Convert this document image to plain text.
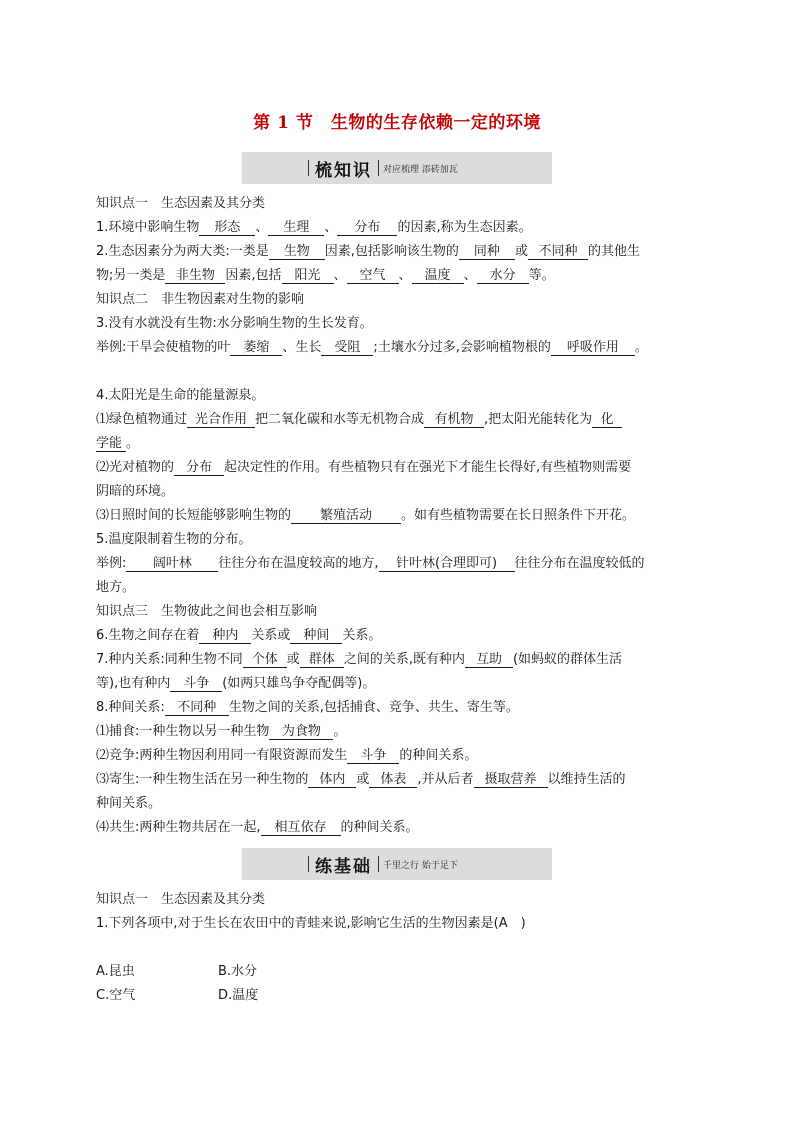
第 1 节　生物的生存依赖一定的环境
梳知识 对应梳理 添砖加瓦
知识点一　生态因素及其分类
1.环境中影响生物 形态 、 生理 、 分布 的因素,称为生态因素。
2.生态因素分为两大类:一类是 生物 因素,包括影响该生物的 同种 或 不同种 的其他生
物;另一类是 非生物 因素,包括 阳光 、 空气 、 温度 、 水分 等。
知识点二　非生物因素对生物的影响
3.没有水就没有生物:水分影响生物的生长发育。
举例:干旱会使植物的叶 萎缩 、生长 受阻 ;土壤水分过多,会影响植物根的 呼吸作用 。
4.太阳光是生命的能量源泉。
⑴绿色植物通过 光合作用 把二氧化碳和水等无机物合成 有机物 ,把太阳光能转化为 化
学能 。
⑵光对植物的 分布 起决定性的作用。有些植物只有在强光下才能生长得好,有些植物则需要
阴暗的环境。
⑶日照时间的长短能够影响生物的 繁殖活动 。如有些植物需要在长日照条件下开花。
5.温度限制着生物的分布。
举例: 阔叶林 往往分布在温度较高的地方, 针叶林(合理即可) 往往分布在温度较低的
地方。
知识点三　生物彼此之间也会相互影响
6.生物之间存在着 种内 关系或 种间 关系。
7.种内关系:同种生物不同 个体 或 群体 之间的关系,既有种内 互助 (如蚂蚁的群体生活
等),也有种内 斗争 (如两只雄鸟争夺配偶等)。
8.种间关系: 不同种 生物之间的关系,包括捕食、竞争、共生、寄生等。
⑴捕食:一种生物以另一种生物 为食物 。
⑵竞争:两种生物因利用同一有限资源而发生 斗争 的种间关系。
⑶寄生:一种生物生活在另一种生物的 体内 或 体表 ,并从后者 摄取营养 以维持生活的
种间关系。
⑷共生:两种生物共居在一起, 相互依存 的种间关系。
练基础 千里之行 始于足下
知识点一　生态因素及其分类
1.下列各项中,对于生长在农田中的青蛙来说,影响它生活的生物因素是(A　)
A.昆虫	B.水分
C.空气	D.温度
